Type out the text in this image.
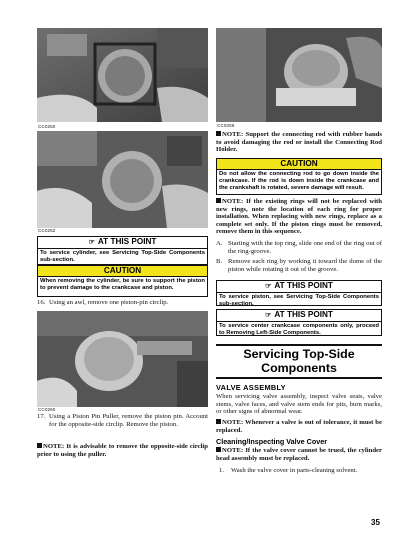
CC0250
CC0252
☞ AT THIS POINT
To service cylinder, see Servicing Top-Side Components sub-section.
CAUTION
When removing the cylinder, be sure to support the piston to prevent damage to the crankcase and piston.
16. Using an awl, remove one piston-pin circlip.
CC0260
17. Using a Piston Pin Puller, remove the piston pin. Account for the opposite-side circlip. Remove the piston.
NOTE: It is advisable to remove the opposite-side circlip prior to using the puller.
CC0259
NOTE: Support the connecting rod with rubber bands to avoid damaging the rod or install the Connecting Rod Holder.
CAUTION
Do not allow the connecting rod to go down inside the crankcase. If the rod is down inside the crankcase and the crankshaft is rotated, severe damage will result.
NOTE: If the existing rings will not be replaced with new rings, note the location of each ring for proper installation. When replacing with new rings, replace as a complete set only. If the piston rings must be removed, remove them in this sequence.
A. Starting with the top ring, slide one end of the ring out of the ring-groove.
B. Remove each ring by working it toward the dome of the piston while rotating it out of the groove.
☞ AT THIS POINT
To service piston, see Servicing Top-Side Components sub-section.
☞ AT THIS POINT
To service center crankcase components only, proceed to Removing Left-Side Components.
Servicing Top-Side
Components
VALVE ASSEMBLY
When servicing valve assembly, inspect valve seats, valve stems, valve faces, and valve stem ends for pits, burn marks, or other signs of abnormal wear.
NOTE: Whenever a valve is out of tolerance, it must be replaced.
Cleaning/Inspecting Valve Cover
NOTE: If the valve cover cannot be trued, the cylinder head assembly must be replaced.
1. Wash the valve cover in parts-cleaning solvent.
35
